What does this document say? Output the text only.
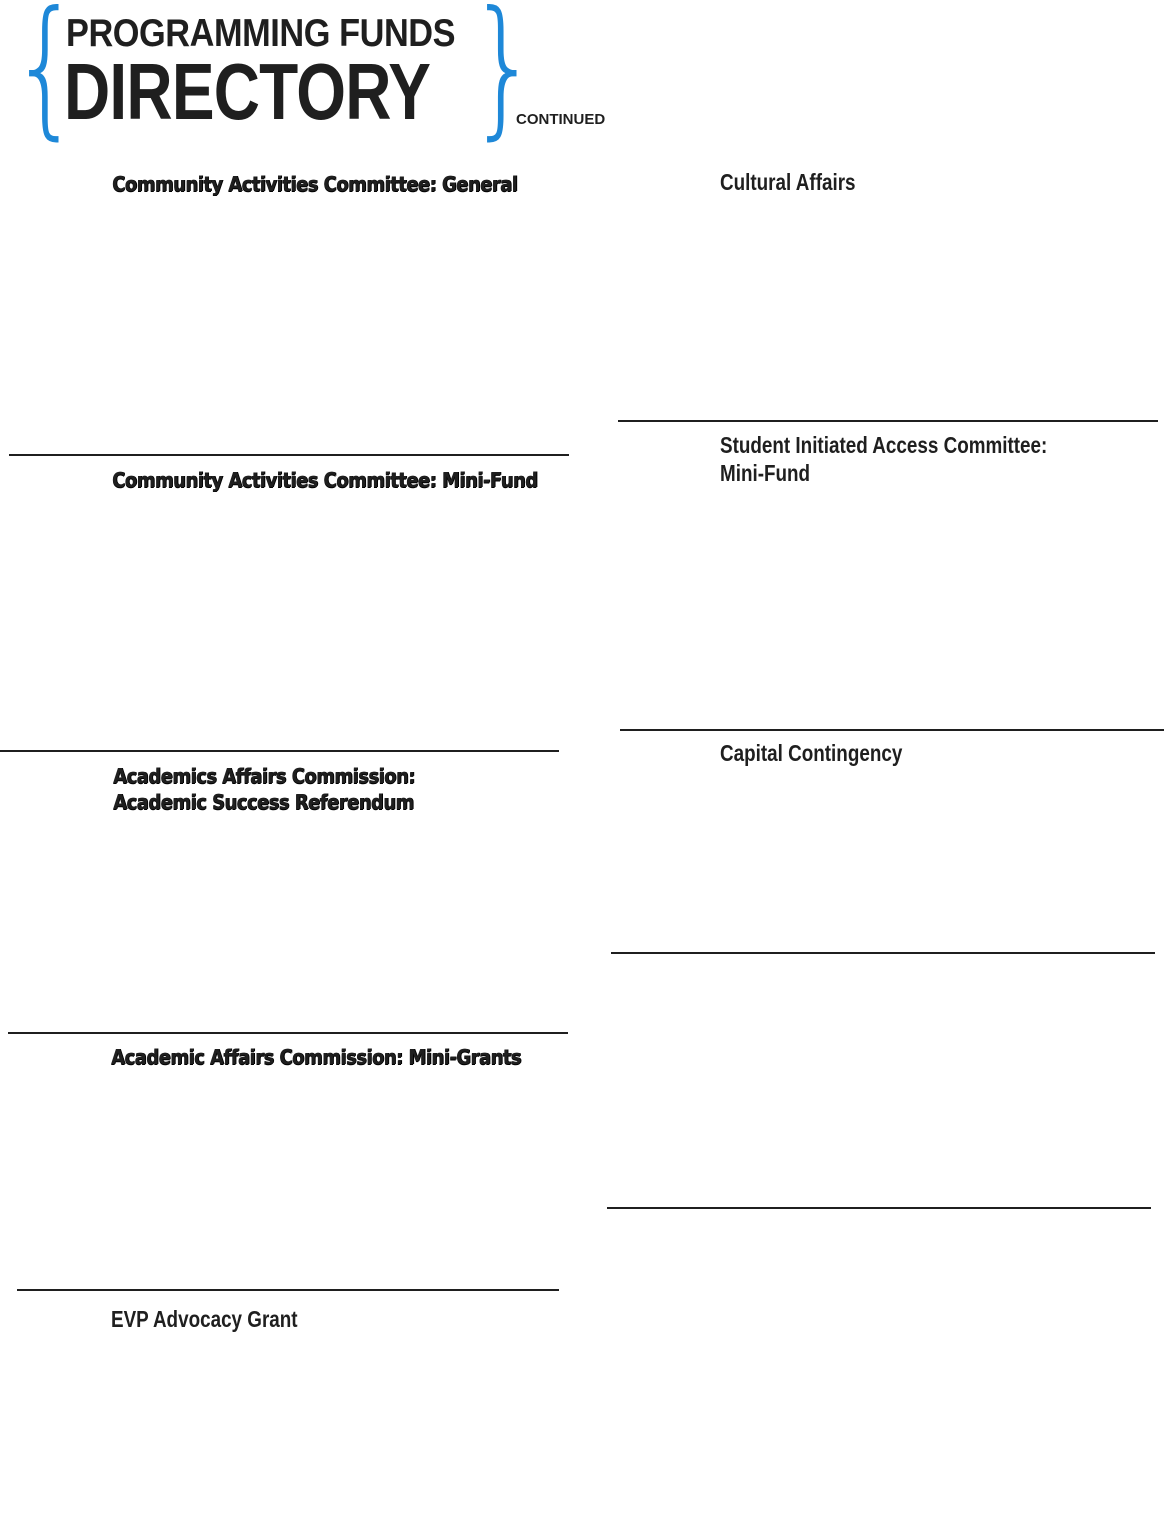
{
PROGRAMMING FUNDS
DIRECTORY }
CONTINUED
Community Activities Committee: General
Community Activities Committee: Mini-Fund
Academics Affairs Commission:
Academic Success Referendum
Academic Affairs Commission: Mini-Grants
EVP Advocacy Grant
Cultural Affairs
Student Initiated Access Committee: Mini-Fund
Capital Contingency
